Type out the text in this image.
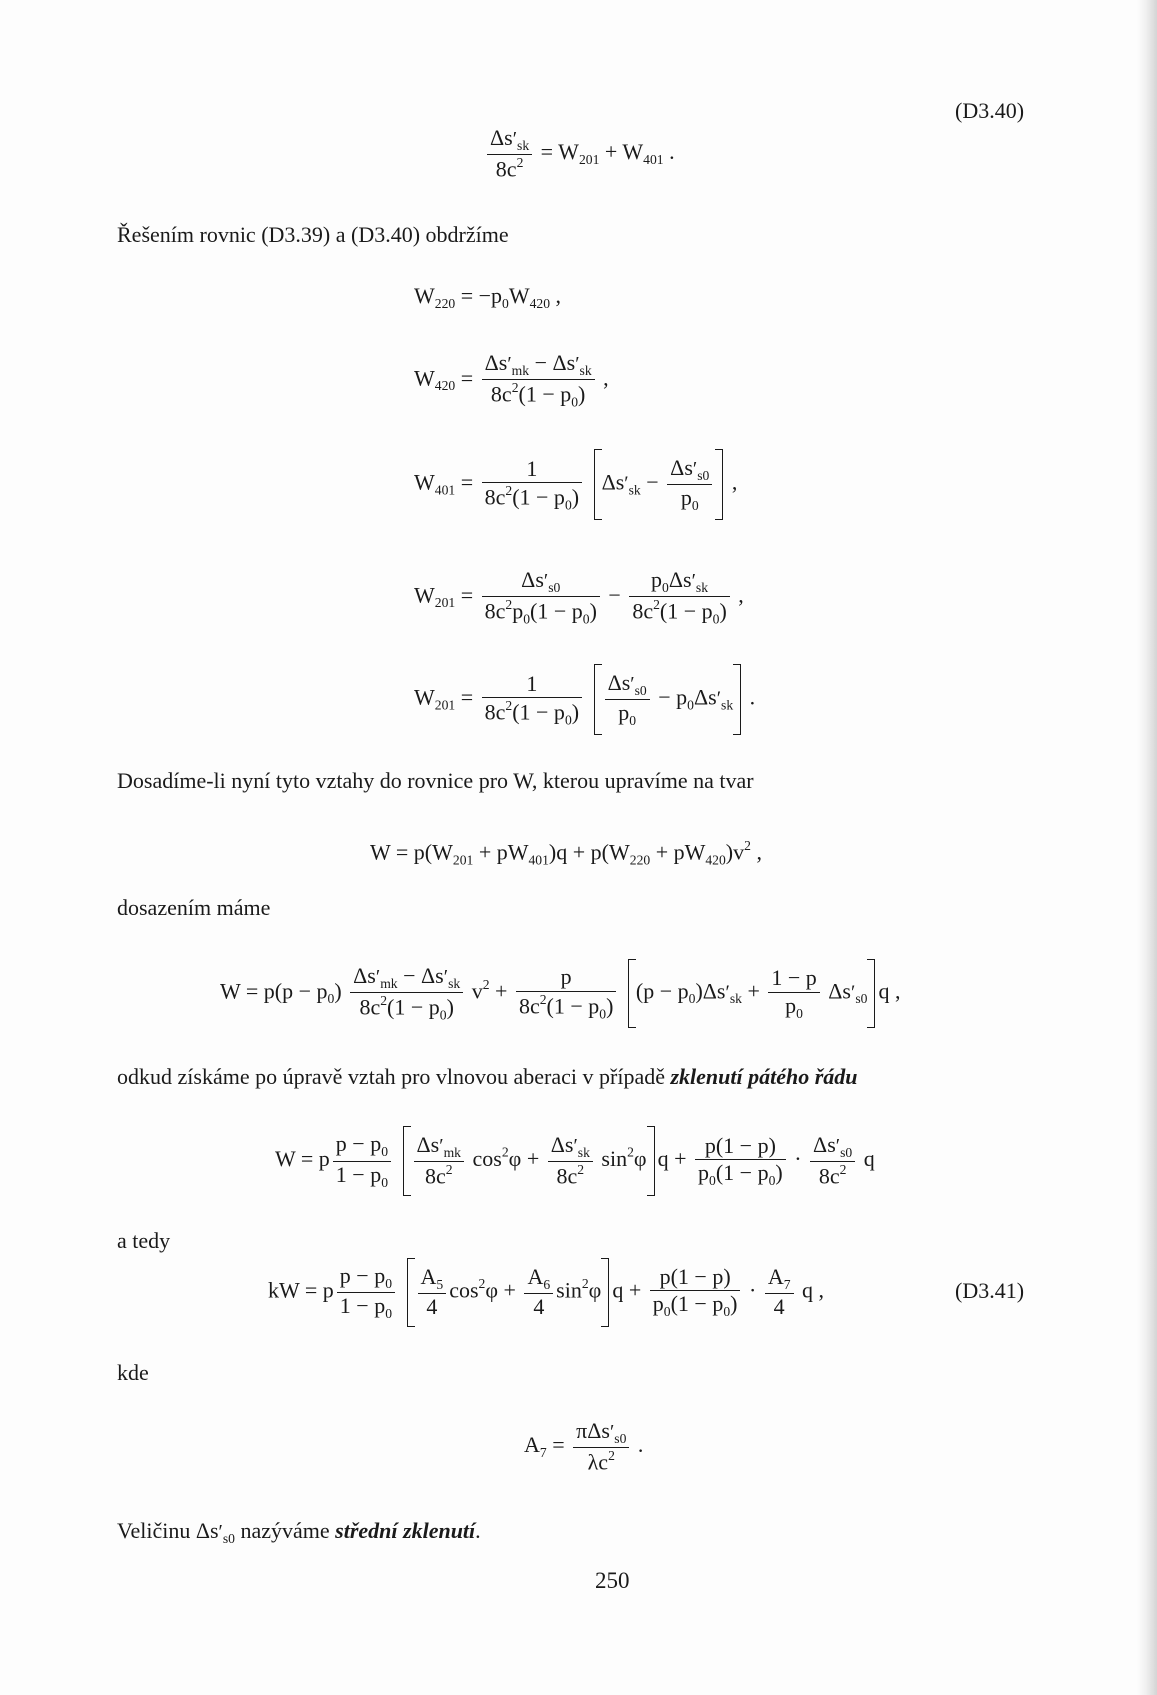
(D3.40)
$\frac{\Delta s'_{sk}}{8c^2} = W_{201} + W_{401}$ .
Řešením rovnic (D3.39) a (D3.40) obdržíme
$W_{220} = -p_0W_{420}$ ,
$W_{420} = \frac{\Delta s'_{mk} - \Delta s'_{sk}}{8c^2(1 - p_0)}$ ,
$W_{401} = \frac{1}{8c^2(1 - p_0)} \Delta s'_{sk} - \frac{\Delta s'_{s0}}{p_0}$ ,
$W_{201} = \frac{\Delta s'_{s0}}{8c^2p_0(1 - p_0)} - \frac{p_0\Delta s'_{sk}}{8c^2(1 - p_0)}$ ,
$W_{201} = \frac{1}{8c^2(1 - p_0)}$
$\frac{\Delta s'_{s0}}{p_0} - p_0\Delta s'_{sk}$ .
Dosadíme-li nyní tyto vztahy do rovnice pro W, kterou upravíme na tvar
$W = p(W_{201} + pW_{401})q + p(W_{220} + pW_{420})v^2$ ,
dosazením máme
$W = p(p - p_0) \frac{\Delta s'_{mk} - \Delta s'_{sk}}{8c^2(1 - p_0)} v^2 + \frac{p}{8c^2(1 - p_0)} (p - p_0)\Delta s'_{sk} + \frac{1 - p}{p_0} \Delta s'_{s0}$ q ,
odkud získáme po úpravě vztah pro vlnovou aberaci v případě zklenutí pátého řádu
W = p $\frac{p - p_0}{1 - p_0}$
$\frac{\Delta s'_{mk}}{8c^2} \cos^2\varphi + \frac{\Delta s'_{sk}}{8c^2} \sin^2\varphi q + \frac{p(1 - p)}{p_0(1 - p_0)} \cdot \frac{\Delta s'_{s0}}{8c^2}$ q
a tedy
kW = p $\frac{p - p_0}{1 - p_0}$
$\frac{A_5}{4} \cos^2\varphi + \frac{A_6}{4} \sin^2\varphi q + \frac{p(1 - p)}{p_0(1 - p_0)} \cdot \frac{A_7}{4}$ q ,	(D3.41)
kde
$A_7 = \frac{\pi\Delta s'_{s0}}{\lambda c^2}$ .
Veličinu $\Delta s'_{s0}$ nazýváme střední zklenutí.
250
